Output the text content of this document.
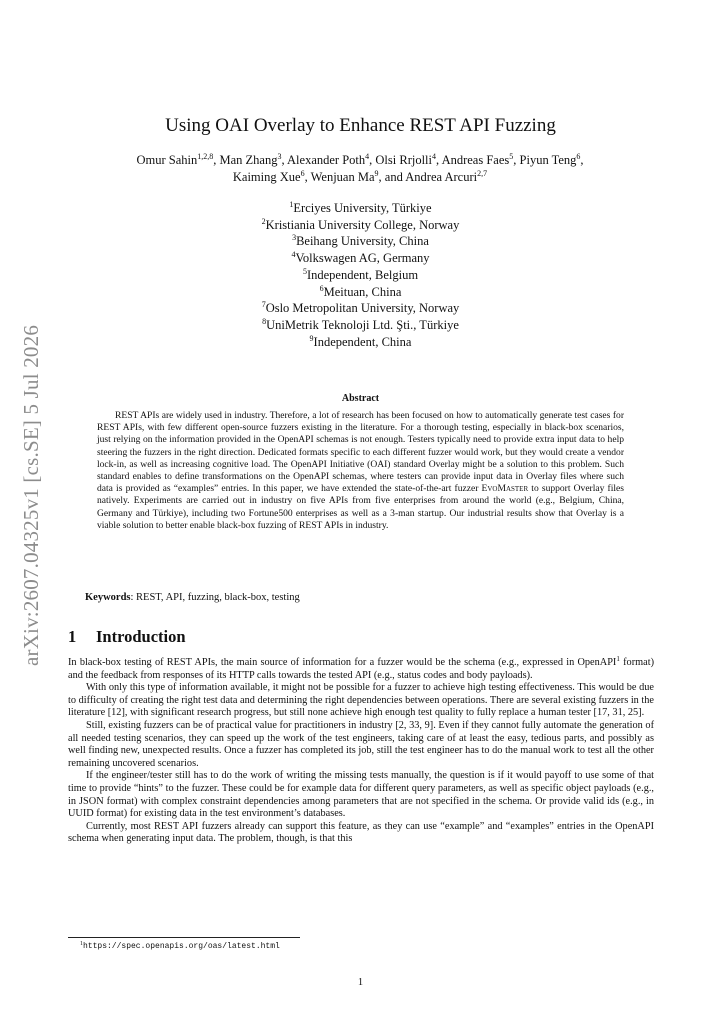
arXiv:2607.04325v1 [cs.SE] 5 Jul 2026
Using OAI Overlay to Enhance REST API Fuzzing
Omur Sahin$^{1,2,8}$, Man Zhang$^3$, Alexander Poth$^4$, Olsi Rrjolli$^4$, Andreas Faes$^5$, Piyun Teng$^6$,
Kaiming Xue$^6$, Wenjuan Ma$^9$, and Andrea Arcuri$^{2,7}$
$^1$Erciyes University, Türkiye
$^2$Kristiania University College, Norway
$^3$Beihang University, China
$^4$Volkswagen AG, Germany
$^5$Independent, Belgium
$^6$Meituan, China
$^7$Oslo Metropolitan University, Norway
$^8$UniMetrik Teknoloji Ltd. Şti., Türkiye
$^9$Independent, China
Abstract
REST APIs are widely used in industry. Therefore, a lot of research has been focused on how to automatically generate test cases for REST APIs, with few different open-source fuzzers existing in the literature. For a thorough testing, especially in black-box scenarios, just relying on the information provided in the OpenAPI schemas is not enough. Testers typically need to provide extra input data to help steering the fuzzers in the right direction. Dedicated formats specific to each different fuzzer would work, but they would create a vendor lock-in, as well as increasing cognitive load. The OpenAPI Initiative (OAI) standard Overlay might be a solution to this problem. Such standard enables to define transformations on the OpenAPI schemas, where testers can provide input data in Overlay files where such data is provided as “examples” entries. In this paper, we have extended the state-of-the-art fuzzer EvoMaster to support Overlay files natively. Experiments are carried out in industry on five APIs from five enterprises from around the world (e.g., Belgium, China, Germany and Türkiye), including two Fortune500 enterprises as well as a 3-man startup. Our industrial results show that Overlay is a viable solution to better enable black-box fuzzing of REST APIs in industry.
Keywords: REST, API, fuzzing, black-box, testing
1 Introduction

In black-box testing of REST APIs, the main source of information for a fuzzer would be the schema (e.g., expressed in OpenAPI$^1$ format) and the feedback from responses of its HTTP calls towards the tested API (e.g., status codes and body payloads).

With only this type of information available, it might not be possible for a fuzzer to achieve high testing effectiveness. This would be due to difficulty of creating the right test data and determining the right dependencies between operations. There are several existing fuzzers in the literature [12], with significant research progress, but still none achieve high enough test quality to fully replace a human tester [17, 31, 25].

Still, existing fuzzers can be of practical value for practitioners in industry [2, 33, 9]. Even if they cannot fully automate the generation of all needed testing scenarios, they can speed up the work of the test engineers, taking care of at least the easy, tedious parts, and possibly as well finding new, unexpected results. Once a fuzzer has completed its job, still the test engineer has to do the manual work to test all the other remaining uncovered scenarios.

If the engineer/tester still has to do the work of writing the missing tests manually, the question is if it would payoff to use some of that time to provide “hints” to the fuzzer. These could be for example data for different query parameters, as well as specific object payloads (e.g., in JSON format) with complex constraint dependencies among parameters that are not specified in the schema. Or provide valid ids (e.g., in UUID format) for existing data in the test environment’s databases.

Currently, most REST API fuzzers already can support this feature, as they can use “example” and “examples” entries in the OpenAPI schema when generating input data. The problem, though, is that this

$^1$https://spec.openapis.org/oas/latest.html
1
